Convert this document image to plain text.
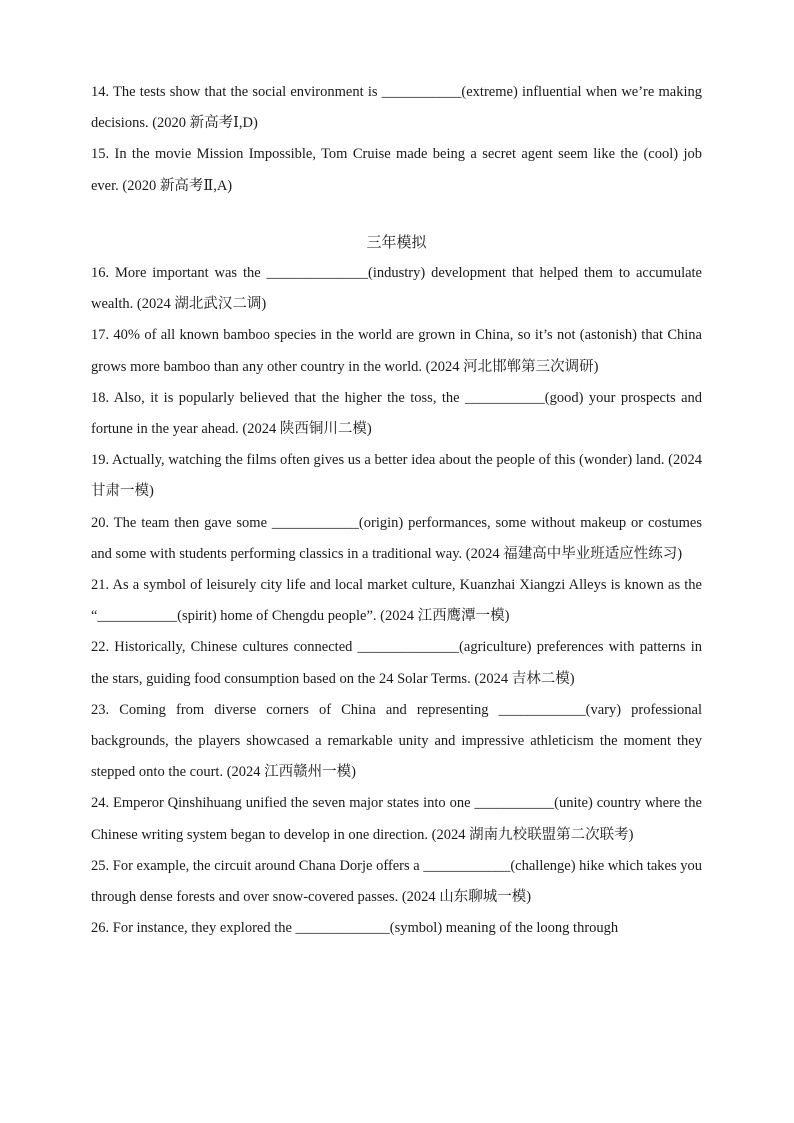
14. The tests show that the social environment is ___________(extreme) influential when we’re making decisions. (2020 新高考Ⅰ,D)

15. In the movie Mission Impossible, Tom Cruise made being a secret agent seem like the (cool) job ever. (2020 新高考Ⅱ,A)

三年模拟

16. More important was the ______________(industry) development that helped them to accumulate wealth. (2024 湖北武汉二调)

17. 40% of all known bamboo species in the world are grown in China, so it’s not (astonish) that China grows more bamboo than any other country in the world. (2024 河北邯郸第三次调研)

18. Also, it is popularly believed that the higher the toss, the ___________(good) your prospects and fortune in the year ahead. (2024 陕西铜川二模)

19. Actually, watching the films often gives us a better idea about the people of this (wonder) land. (2024 甘肃一模)

20. The team then gave some ____________(origin) performances, some without makeup or costumes and some with students performing classics in a traditional way. (2024 福建高中毕业班适应性练习)

21. As a symbol of leisurely city life and local market culture, Kuanzhai Xiangzi Alleys is known as the “___________(spirit) home of Chengdu people”. (2024 江西鹰潭一模)

22. Historically, Chinese cultures connected ______________(agriculture) preferences with patterns in the stars, guiding food consumption based on the 24 Solar Terms. (2024 吉林二模)

23. Coming from diverse corners of China and representing ____________(vary) professional backgrounds, the players showcased a remarkable unity and impressive athleticism the moment they stepped onto the court. (2024 江西赣州一模)

24. Emperor Qinshihuang unified the seven major states into one ___________(unite) country where the Chinese writing system began to develop in one direction. (2024 湖南九校联盟第二次联考)

25. For example, the circuit around Chana Dorje offers a ____________(challenge) hike which takes you through dense forests and over snow-covered passes. (2024 山东聊城一模)

26. For instance, they explored the _____________(symbol) meaning of the loong through
